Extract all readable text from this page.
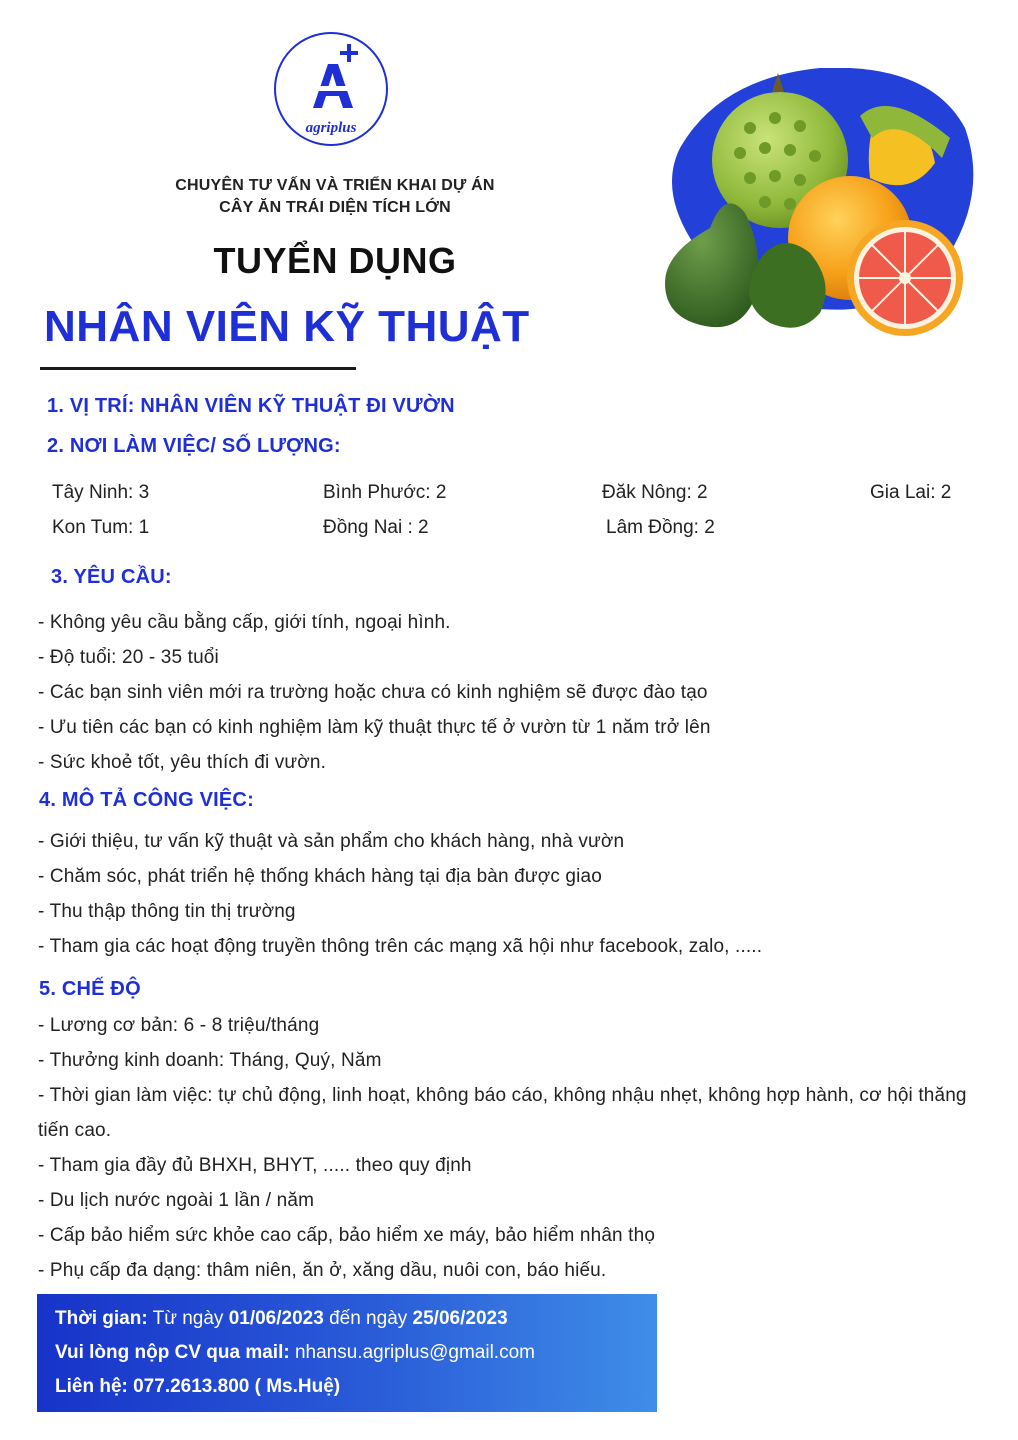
agriplus
CHUYÊN TƯ VẤN VÀ TRIỂN KHAI DỰ ÁN
CÂY ĂN TRÁI DIỆN TÍCH LỚN
TUYỂN DỤNG
NHÂN VIÊN KỸ THUẬT
1. VỊ TRÍ: NHÂN VIÊN KỸ THUẬT ĐI VƯỜN
2. NƠI LÀM VIỆC/ SỐ LƯỢNG:
Tây Ninh: 3	Bình Phước: 2	Đăk Nông: 2	Gia Lai: 2
Kon Tum: 1	Đồng Nai : 2	Lâm Đồng: 2
3. YÊU CẦU:
- Không yêu cầu bằng cấp, giới tính, ngoại hình.
- Độ tuổi: 20 - 35 tuổi
- Các bạn sinh viên mới ra trường hoặc chưa có kinh nghiệm sẽ được đào tạo
- Ưu tiên các bạn có kinh nghiệm làm kỹ thuật thực tế ở vườn từ 1 năm trở lên
- Sức khoẻ tốt, yêu thích đi vườn.
4. MÔ TẢ CÔNG VIỆC:
- Giới thiệu, tư vấn kỹ thuật và sản phẩm cho khách hàng, nhà vườn
- Chăm sóc, phát triển hệ thống khách hàng tại địa bàn được giao
- Thu thập thông tin thị trường
- Tham gia các hoạt động truyền thông trên các mạng xã hội như facebook, zalo, .....
5. CHẾ ĐỘ
- Lương cơ bản: 6 - 8 triệu/tháng
- Thưởng kinh doanh: Tháng, Quý, Năm
- Thời gian làm việc: tự chủ động, linh hoạt, không báo cáo, không nhậu nhẹt, không hợp hành, cơ hội thăng tiến cao.
- Tham gia đầy đủ BHXH, BHYT, ..... theo quy định
- Du lịch nước ngoài 1 lần / năm
- Cấp bảo hiểm sức khỏe cao cấp, bảo hiểm xe máy, bảo hiểm nhân thọ
- Phụ cấp đa dạng: thâm niên, ăn ở, xăng dầu, nuôi con, báo hiếu.
Thời gian: Từ ngày 01/06/2023 đến ngày 25/06/2023
Vui lòng nộp CV qua mail: nhansu.agriplus@gmail.com
Liên hệ: 077.2613.800 ( Ms.Huệ)
